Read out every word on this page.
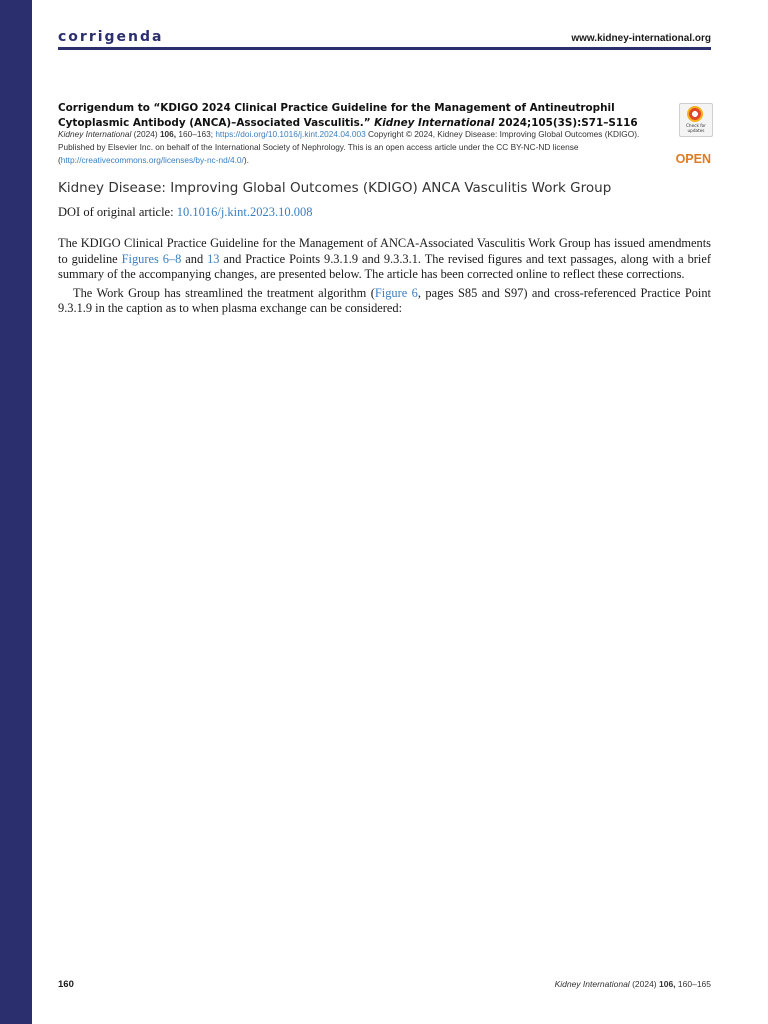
corrigenda	www.kidney-international.org
Corrigendum to “KDIGO 2024 Clinical Practice Guideline for the Management of Antineutrophil Cytoplasmic Antibody (ANCA)–Associated Vasculitis.” Kidney International 2024;105(3S):S71–S116	Check for updates
Kidney International (2024) 106, 160–163; https://doi.org/10.1016/j.kint.2024.04.003 Copyright © 2024, Kidney Disease: Improving Global Outcomes (KDIGO). Published by Elsevier Inc. on behalf of the International Society of Nephrology. This is an open access article under the CC BY-NC-ND license (http://creativecommons.org/licenses/by-nc-nd/4.0/).	OPEN
Kidney Disease: Improving Global Outcomes (KDIGO) ANCA Vasculitis Work Group
DOI of original article: 10.1016/j.kint.2023.10.008

The KDIGO Clinical Practice Guideline for the Management of ANCA-Associated Vasculitis Work Group has issued amendments to guideline Figures 6–8 and 13 and Practice Points 9.3.1.9 and 9.3.3.1. The revised figures and text passages, along with a brief summary of the accompanying changes, are presented below. The article has been corrected online to reflect these corrections.

The Work Group has streamlined the treatment algorithm (Figure 6, pages S85 and S97) and cross-referenced Practice Point 9.3.1.9 in the caption as to when plasma exchange can be considered:

160	Kidney International (2024) 106, 160–165
